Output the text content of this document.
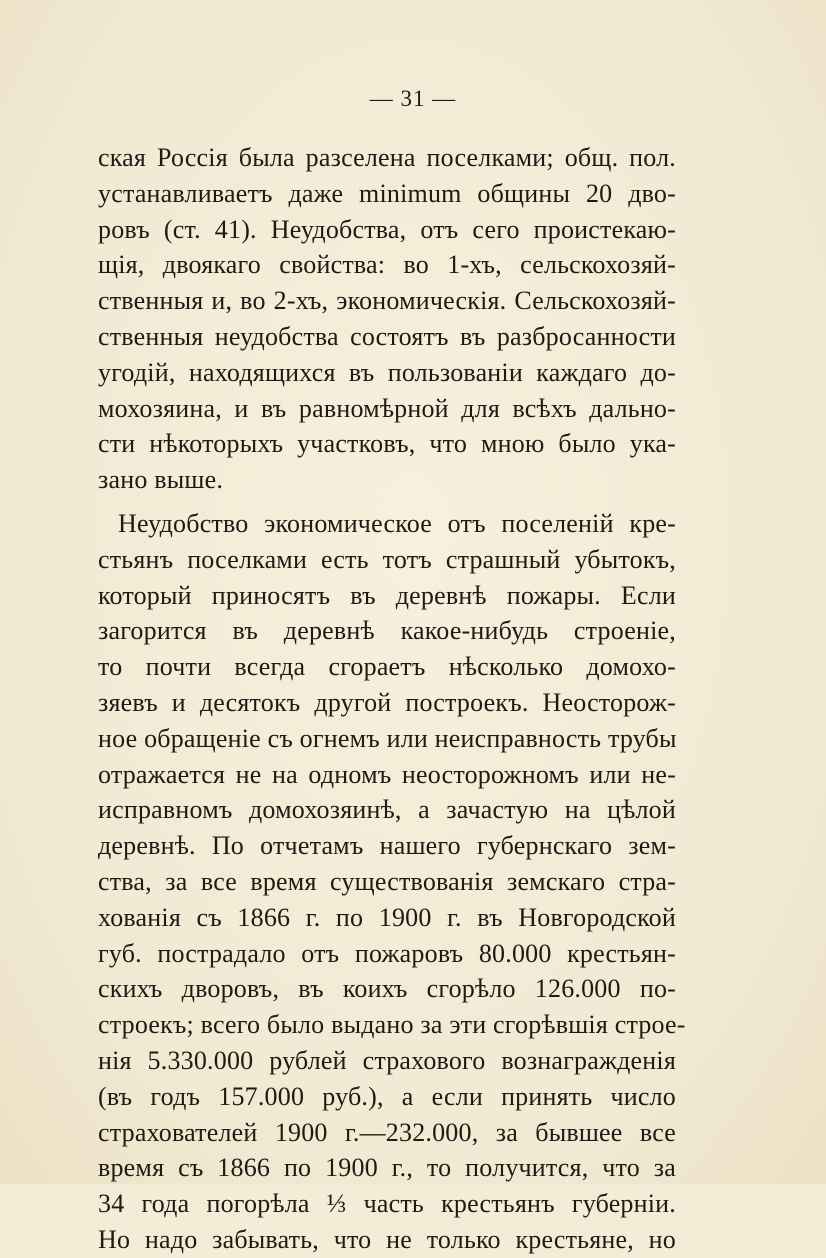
— 31 —
ская Россія была разселена поселками; общ. пол.
устанавливаетъ даже minimum общины 20 дво-
ровъ (ст. 41). Неудобства, отъ сего проистекаю-
щія, двоякаго свойства: во 1-хъ, сельскохозяй-
ственныя и, во 2-хъ, экономическія. Сельскохозяй-
ственныя неудобства состоятъ въ разбросанности
угодій, находящихся въ пользованіи каждаго до-
мохозяина, и въ равномѣрной для всѣхъ дально-
сти нѣкоторыхъ участковъ, что мною было ука-
зано выше.
Неудобство экономическое отъ поселеній кре-
стьянъ поселками есть тотъ страшный убытокъ,
который приносятъ въ деревнѣ пожары. Если
загорится въ деревнѣ какое-нибудь строеніе,
то почти всегда сгораетъ нѣсколько домохо-
зяевъ и десятокъ другой построекъ. Неосторож-
ное обращеніе съ огнемъ или неисправность трубы
отражается не на одномъ неосторожномъ или не-
исправномъ домохозяинѣ, а зачастую на цѣлой
деревнѣ. По отчетамъ нашего губернскаго зем-
ства, за все время существованія земскаго стра-
хованія съ 1866 г. по 1900 г. въ Новгородской
губ. пострадало отъ пожаровъ 80.000 крестьян-
скихъ дворовъ, въ коихъ сгорѣло 126.000 по-
строекъ; всего было выдано за эти сгорѣвшія строе-
нія 5.330.000 рублей страхового вознагражденія
(въ годъ 157.000 руб.), а если принять число
страхователей 1900 г.—232.000, за бывшее все
время съ 1866 по 1900 г., то получится, что за
34 года погорѣла ⅓ часть крестьянъ губерніи.
Но надо забывать, что не только крестьяне, но
